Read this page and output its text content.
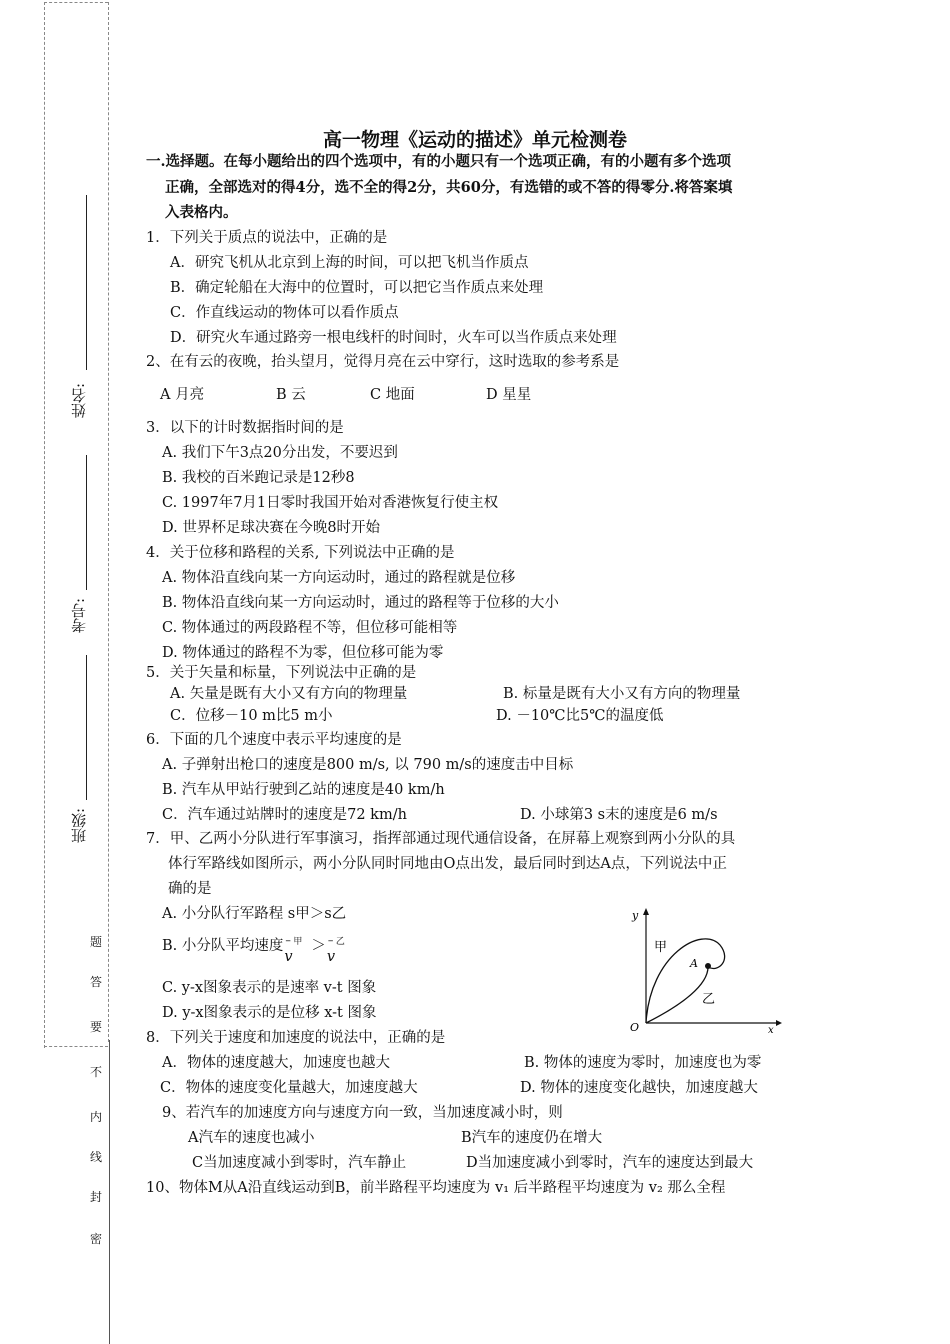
姓名:
考号:
班级:
题
答
要
不
内
线
封
密
高一物理《运动的描述》单元检测卷
一.选择题。在每小题给出的四个选项中，有的小题只有一个选项正确，有的小题有多个选项
正确，全部选对的得4分，选不全的得2分，共60分，有选错的或不答的得零分.将答案填
入表格内。
1．下列关于质点的说法中，正确的是
A．研究飞机从北京到上海的时间，可以把飞机当作质点
B．确定轮船在大海中的位置时，可以把它当作质点来处理
C．作直线运动的物体可以看作质点
D．研究火车通过路旁一根电线杆的时间时，火车可以当作质点来处理
2、在有云的夜晚，抬头望月，觉得月亮在云中穿行，这时选取的参考系是
A 月亮	B 云	C 地面	D 星星
3．以下的计时数据指时间的是
A. 我们下午3点20分出发，不要迟到
B. 我校的百米跑记录是12秒8
C. 1997年7月1日零时我国开始对香港恢复行使主权
D. 世界杯足球决赛在今晚8时开始
4．关于位移和路程的关系, 下列说法中正确的是
A. 物体沿直线向某一方向运动时，通过的路程就是位移
B. 物体沿直线向某一方向运动时，通过的路程等于位移的大小
C. 物体通过的两段路程不等，但位移可能相等
D. 物体通过的路程不为零，但位移可能为零
5．关于矢量和标量，下列说法中正确的是
A. 矢量是既有大小又有方向的物理量	B. 标量是既有大小又有方向的物理量
C．位移－10 m比5 m小	D. －10℃比5℃的温度低
6．下面的几个速度中表示平均速度的是
A. 子弹射出枪口的速度是800 m/s, 以 790 m/s的速度击中目标
B. 汽车从甲站行驶到乙站的速度是40 km/h
C．汽车通过站牌时的速度是72 km/h	D. 小球第3 s末的速度是6 m/s
7．甲、乙两小分队进行军事演习，指挥部通过现代通信设备，在屏幕上观察到两小分队的具
体行军路线如图所示，两小分队同时同地由O点出发，最后同时到达A点，下列说法中正
确的是
A. 小分队行军路程 s甲＞s乙
B. 小分队平均速度 – 甲
v
＞ – 乙
v
C. y-x图象表示的是速率 v-t 图象
D. y-x图象表示的是位移 x-t 图象
y
x
O
A
甲
乙
8．下列关于速度和加速度的说法中，正确的是
A．物体的速度越大，加速度也越大	B. 物体的速度为零时，加速度也为零
C．物体的速度变化量越大，加速度越大	D. 物体的速度变化越快，加速度越大
9、若汽车的加速度方向与速度方向一致，当加速度减小时，则
A汽车的速度也减小	B汽车的速度仍在增大
C当加速度减小到零时，汽车静止	D当加速度减小到零时，汽车的速度达到最大
10、物体M从A沿直线运动到B，前半路程平均速度为 v₁ 后半路程平均速度为 v₂ 那么全程
